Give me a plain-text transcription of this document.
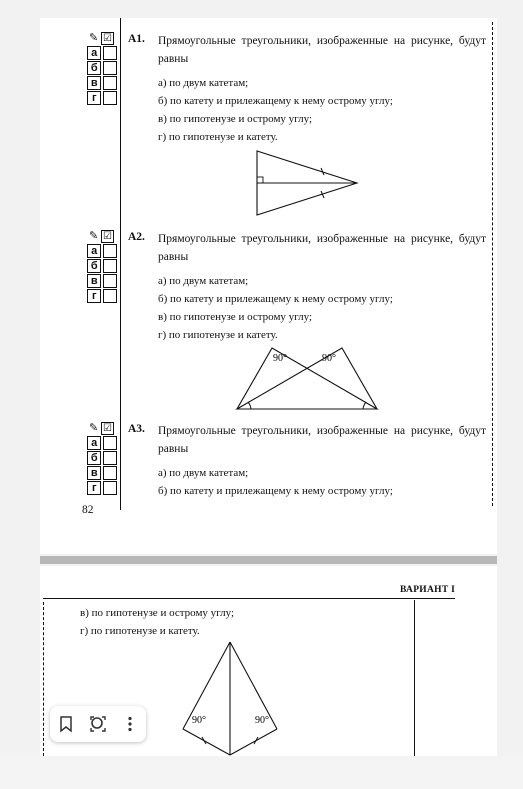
✎ ☑
а
б
в
г
А1. Прямоугольные треугольники, изображенные на рисунке, будут равны
а) по двум катетам;
б) по катету и прилежащему к нему острому углу;
в) по гипотенузе и острому углу;
г) по гипотенузе и катету.
✎ ☑
а
б
в
г
А2. Прямоугольные треугольники, изображенные на рисунке, будут равны
а) по двум катетам;
б) по катету и прилежащему к нему острому углу;
в) по гипотенузе и острому углу;
г) по гипотенузе и катету.
90°	90°
✎ ☑
а
б
в
г
А3. Прямоугольные треугольники, изображенные на рисунке, будут равны
а) по двум катетам;
б) по катету и прилежащему к нему острому углу;
82
ВАРИАНТ I
в) по гипотенузе и острому углу;
г) по гипотенузе и катету.
90°	90°
